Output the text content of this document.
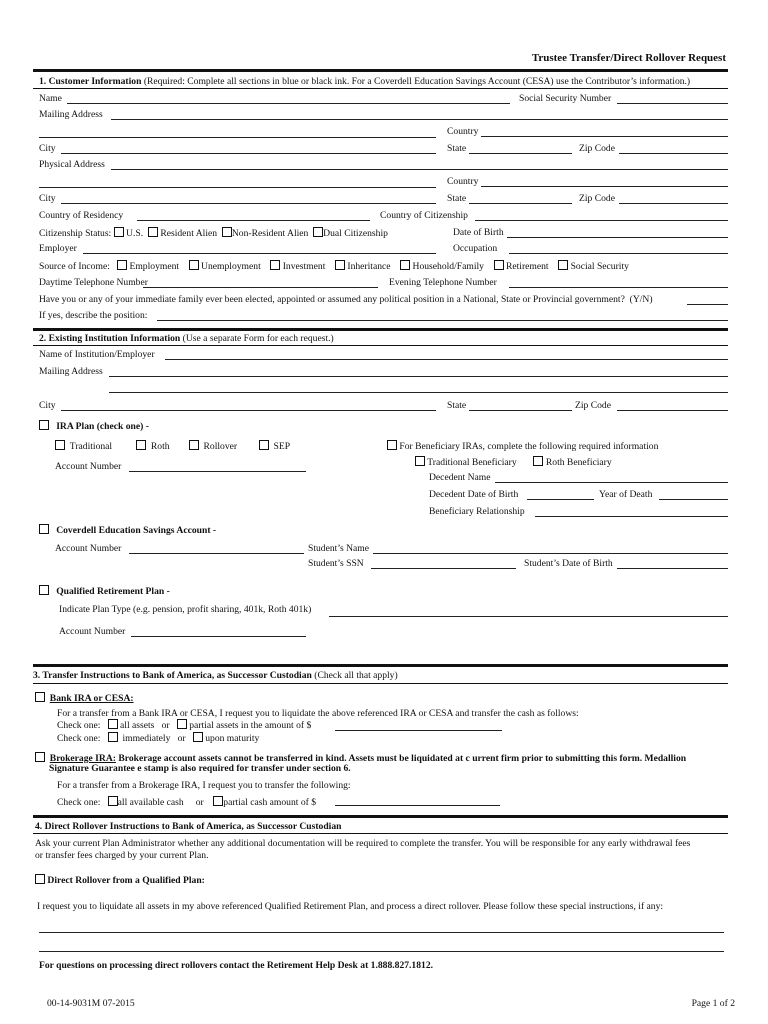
Trustee Transfer/Direct Rollover Request
1. Customer Information (Required: Complete all sections in blue or black ink. For a Coverdell Education Savings Account (CESA) use the Contributor’s information.)
Name	Social Security Number
Mailing Address
Country
City	State	Zip Code
Physical Address
Country
City	State	Zip Code
Country of Residency	Country of Citizenship
Citizenship Status: U.S. Resident Alien Non-Resident Alien Dual Citizenship	Date of Birth
Employer	Occupation
Source of Income: Employment Unemployment Investment Inheritance Household/Family Retirement Social Security
Daytime Telephone Number	Evening Telephone Number
Have you or any of your immediate family ever been elected, appointed or assumed any political position in a National, State or Provincial government? (Y/N)
If yes, describe the position:
2. Existing Institution Information (Use a separate Form for each request.)
Name of Institution/Employer
Mailing Address
City	State	Zip Code
IRA Plan (check one) -
Traditional	Roth	Rollover	SEP
Account Number
For Beneficiary IRAs, complete the following required information
Traditional Beneficiary	Roth Beneficiary
Decedent Name
Decedent Date of Birth	Year of Death
Beneficiary Relationship
Coverdell Education Savings Account -
Account Number	Student’s Name
Student’s SSN	Student’s Date of Birth
Qualified Retirement Plan -
Indicate Plan Type (e.g. pension, profit sharing, 401k, Roth 401k)
Account Number
3. Transfer Instructions to Bank of America, as Successor Custodian (Check all that apply)
Bank IRA or CESA:
For a transfer from a Bank IRA or CESA, I request you to liquidate the above referenced IRA or CESA and transfer the cash as follows:
Check one: all assets or partial assets in the amount of $
Check one: immediately or upon maturity
Brokerage IRA: Brokerage account assets cannot be transferred in kind. Assets must be liquidated at c urrent firm prior to submitting this form. Medallion
Signature Guarantee e stamp is also required for transfer under section 6.
For a transfer from a Brokerage IRA, I request you to transfer the following:
Check one: all available cash or partial cash amount of $
4. Direct Rollover Instructions to Bank of America, as Successor Custodian
Ask your current Plan Administrator whether any additional documentation will be required to complete the transfer. You will be responsible for any early withdrawal fees
or transfer fees charged by your current Plan.
Direct Rollover from a Qualified Plan:
I request you to liquidate all assets in my above referenced Qualified Retirement Plan, and process a direct rollover. Please follow these special instructions, if any:
For questions on processing direct rollovers contact the Retirement Help Desk at 1.888.827.1812.
00-14-9031M 07-2015	Page 1 of 2
